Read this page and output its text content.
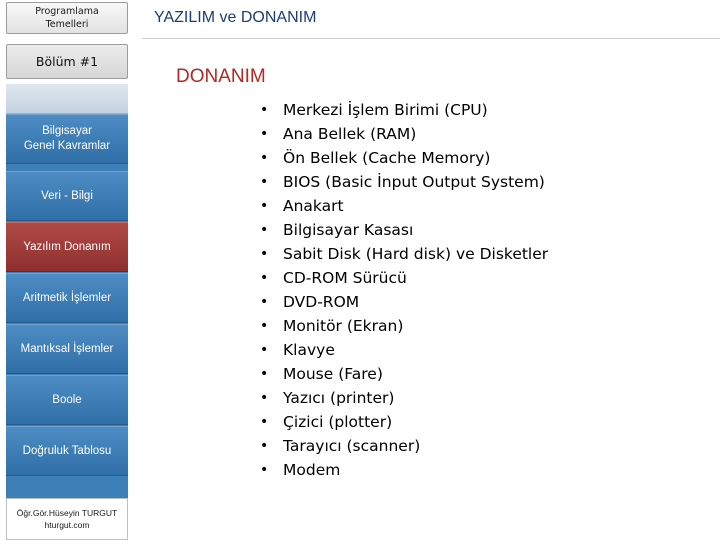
Programlama
Temelleri
Bölüm #1
Bilgisayar
Genel Kavramlar
Veri - Bilgi
Yazılım Donanım
Aritmetik İşlemler
Mantıksal İşlemler
Boole
Doğruluk Tablosu
Öğr.Gör.Hüseyin TURGUT
hturgut.com
YAZILIM ve DONANIM
DONANIM
• Merkezi İşlem Birimi (CPU)
• Ana Bellek (RAM)
• Ön Bellek (Cache Memory)
• BIOS (Basic İnput Output System)
• Anakart
• Bilgisayar Kasası
• Sabit Disk (Hard disk) ve Disketler
• CD-ROM Sürücü
• DVD-ROM
• Monitör (Ekran)
• Klavye
• Mouse (Fare)
• Yazıcı (printer)
• Çizici (plotter)
• Tarayıcı (scanner)
• Modem
